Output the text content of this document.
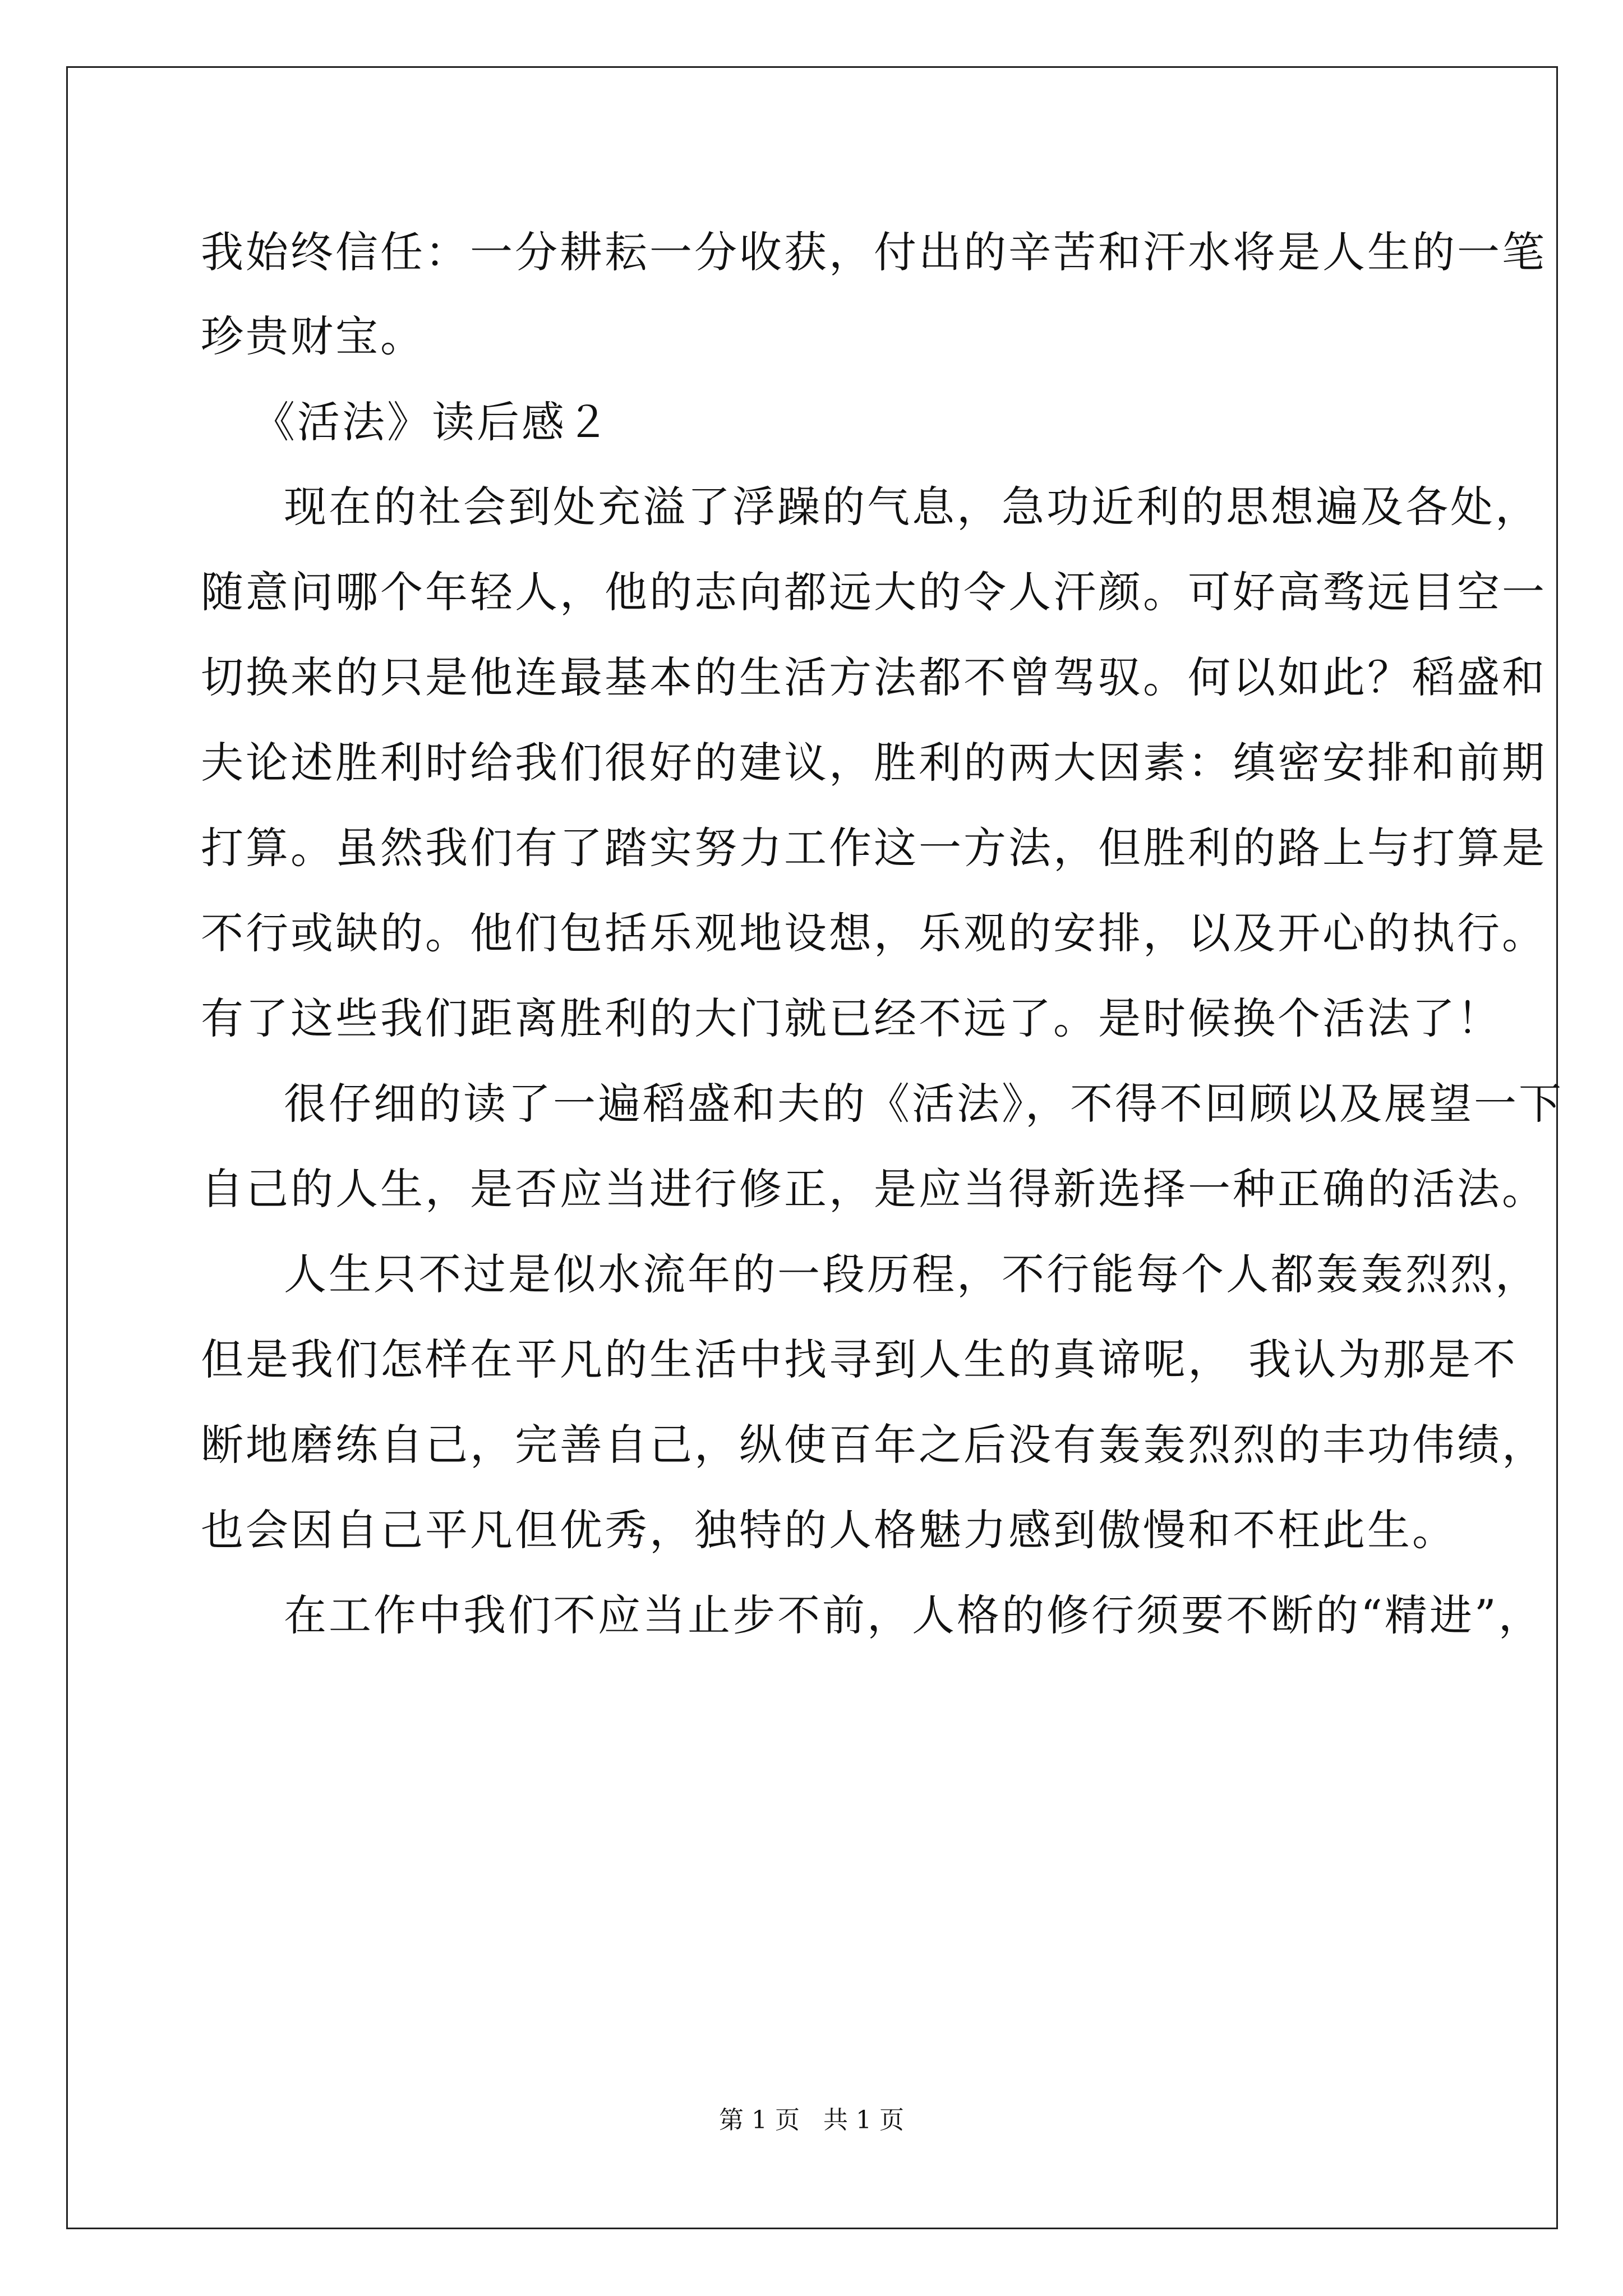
我始终信任：一分耕耘一分收获，付出的辛苦和汗水将是人生的一笔
珍贵财宝。
《活法》读后感２
现在的社会到处充溢了浮躁的气息，急功近利的思想遍及各处，
随意问哪个年轻人，他的志向都远大的令人汗颜。可好高骛远目空一
切换来的只是他连最基本的生活方法都不曾驾驭。何以如此？稻盛和
夫论述胜利时给我们很好的建议，胜利的两大因素：缜密安排和前期
打算。虽然我们有了踏实努力工作这一方法，但胜利的路上与打算是
不行或缺的。他们包括乐观地设想，乐观的安排，以及开心的执行。
有了这些我们距离胜利的大门就已经不远了。是时候换个活法了！
很仔细的读了一遍稻盛和夫的《活法》，不得不回顾以及展望一下
自己的人生，是否应当进行修正，是应当得新选择一种正确的活法。
人生只不过是似水流年的一段历程，不行能每个人都轰轰烈烈，
但是我们怎样在平凡的生活中找寻到人生的真谛呢， 我认为那是不
断地磨练自己，完善自己，纵使百年之后没有轰轰烈烈的丰功伟绩，
也会因自己平凡但优秀，独特的人格魅力感到傲慢和不枉此生。
在工作中我们不应当止步不前，人格的修行须要不断的“精进”，
第 1 页   共 1 页
